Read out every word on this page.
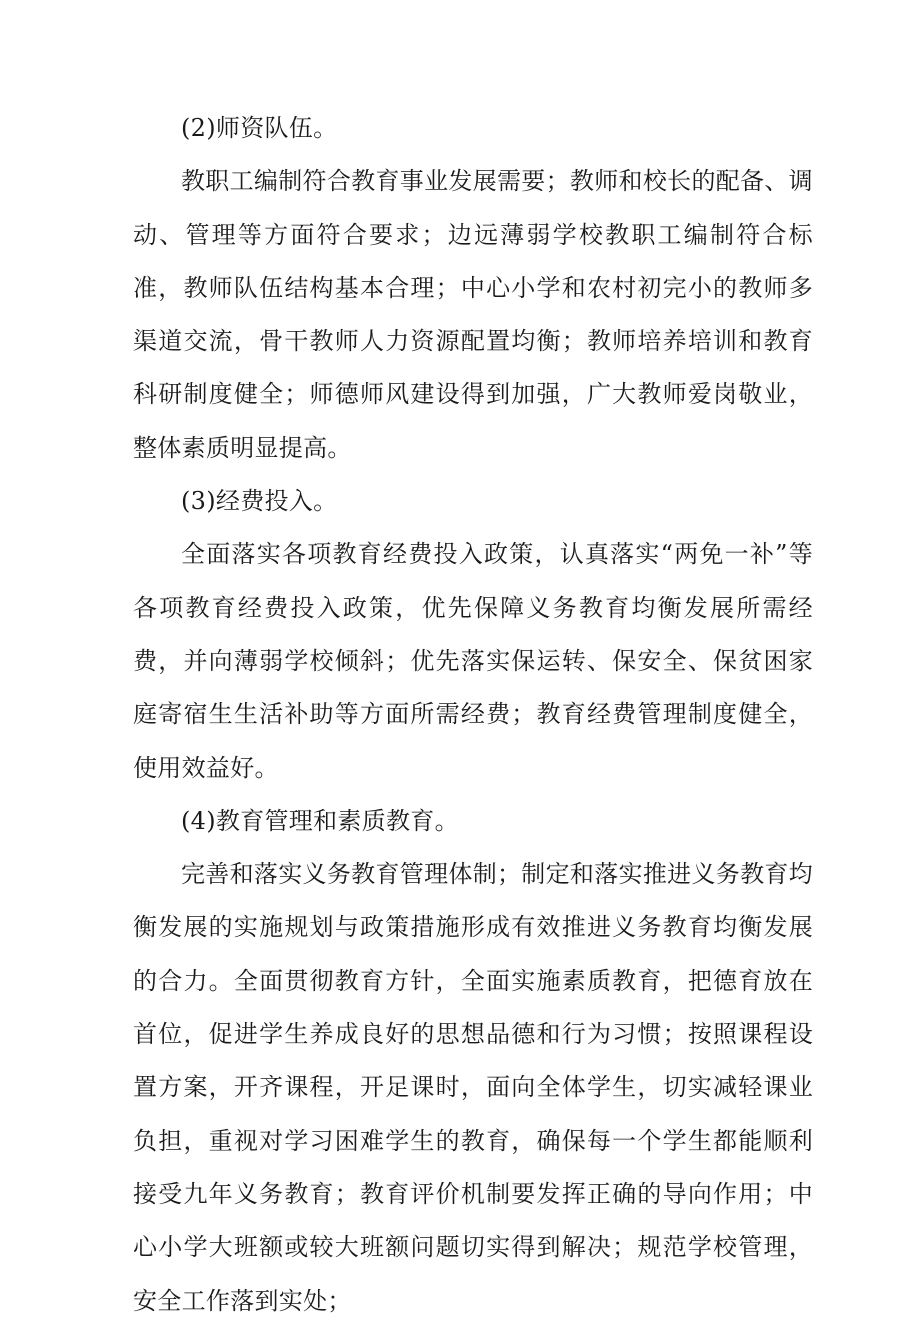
(2)师资队伍。

教职工编制符合教育事业发展需要；教师和校长的配备、调动、管理等方面符合要求；边远薄弱学校教职工编制符合标准，教师队伍结构基本合理；中心小学和农村初完小的教师多渠道交流，骨干教师人力资源配置均衡；教师培养培训和教育科研制度健全；师德师风建设得到加强，广大教师爱岗敬业，整体素质明显提高。

(3)经费投入。

全面落实各项教育经费投入政策，认真落实“两免一补”等各项教育经费投入政策，优先保障义务教育均衡发展所需经费，并向薄弱学校倾斜；优先落实保运转、保安全、保贫困家庭寄宿生生活补助等方面所需经费；教育经费管理制度健全，使用效益好。

(4)教育管理和素质教育。

完善和落实义务教育管理体制；制定和落实推进义务教育均衡发展的实施规划与政策措施形成有效推进义务教育均衡发展的合力。全面贯彻教育方针，全面实施素质教育，把德育放在首位，促进学生养成良好的思想品德和行为习惯；按照课程设置方案，开齐课程，开足课时，面向全体学生，切实减轻课业负担，重视对学习困难学生的教育，确保每一个学生都能顺利接受九年义务教育；教育评价机制要发挥正确的导向作用；中心小学大班额或较大班额问题切实得到解决；规范学校管理，安全工作落到实处；
